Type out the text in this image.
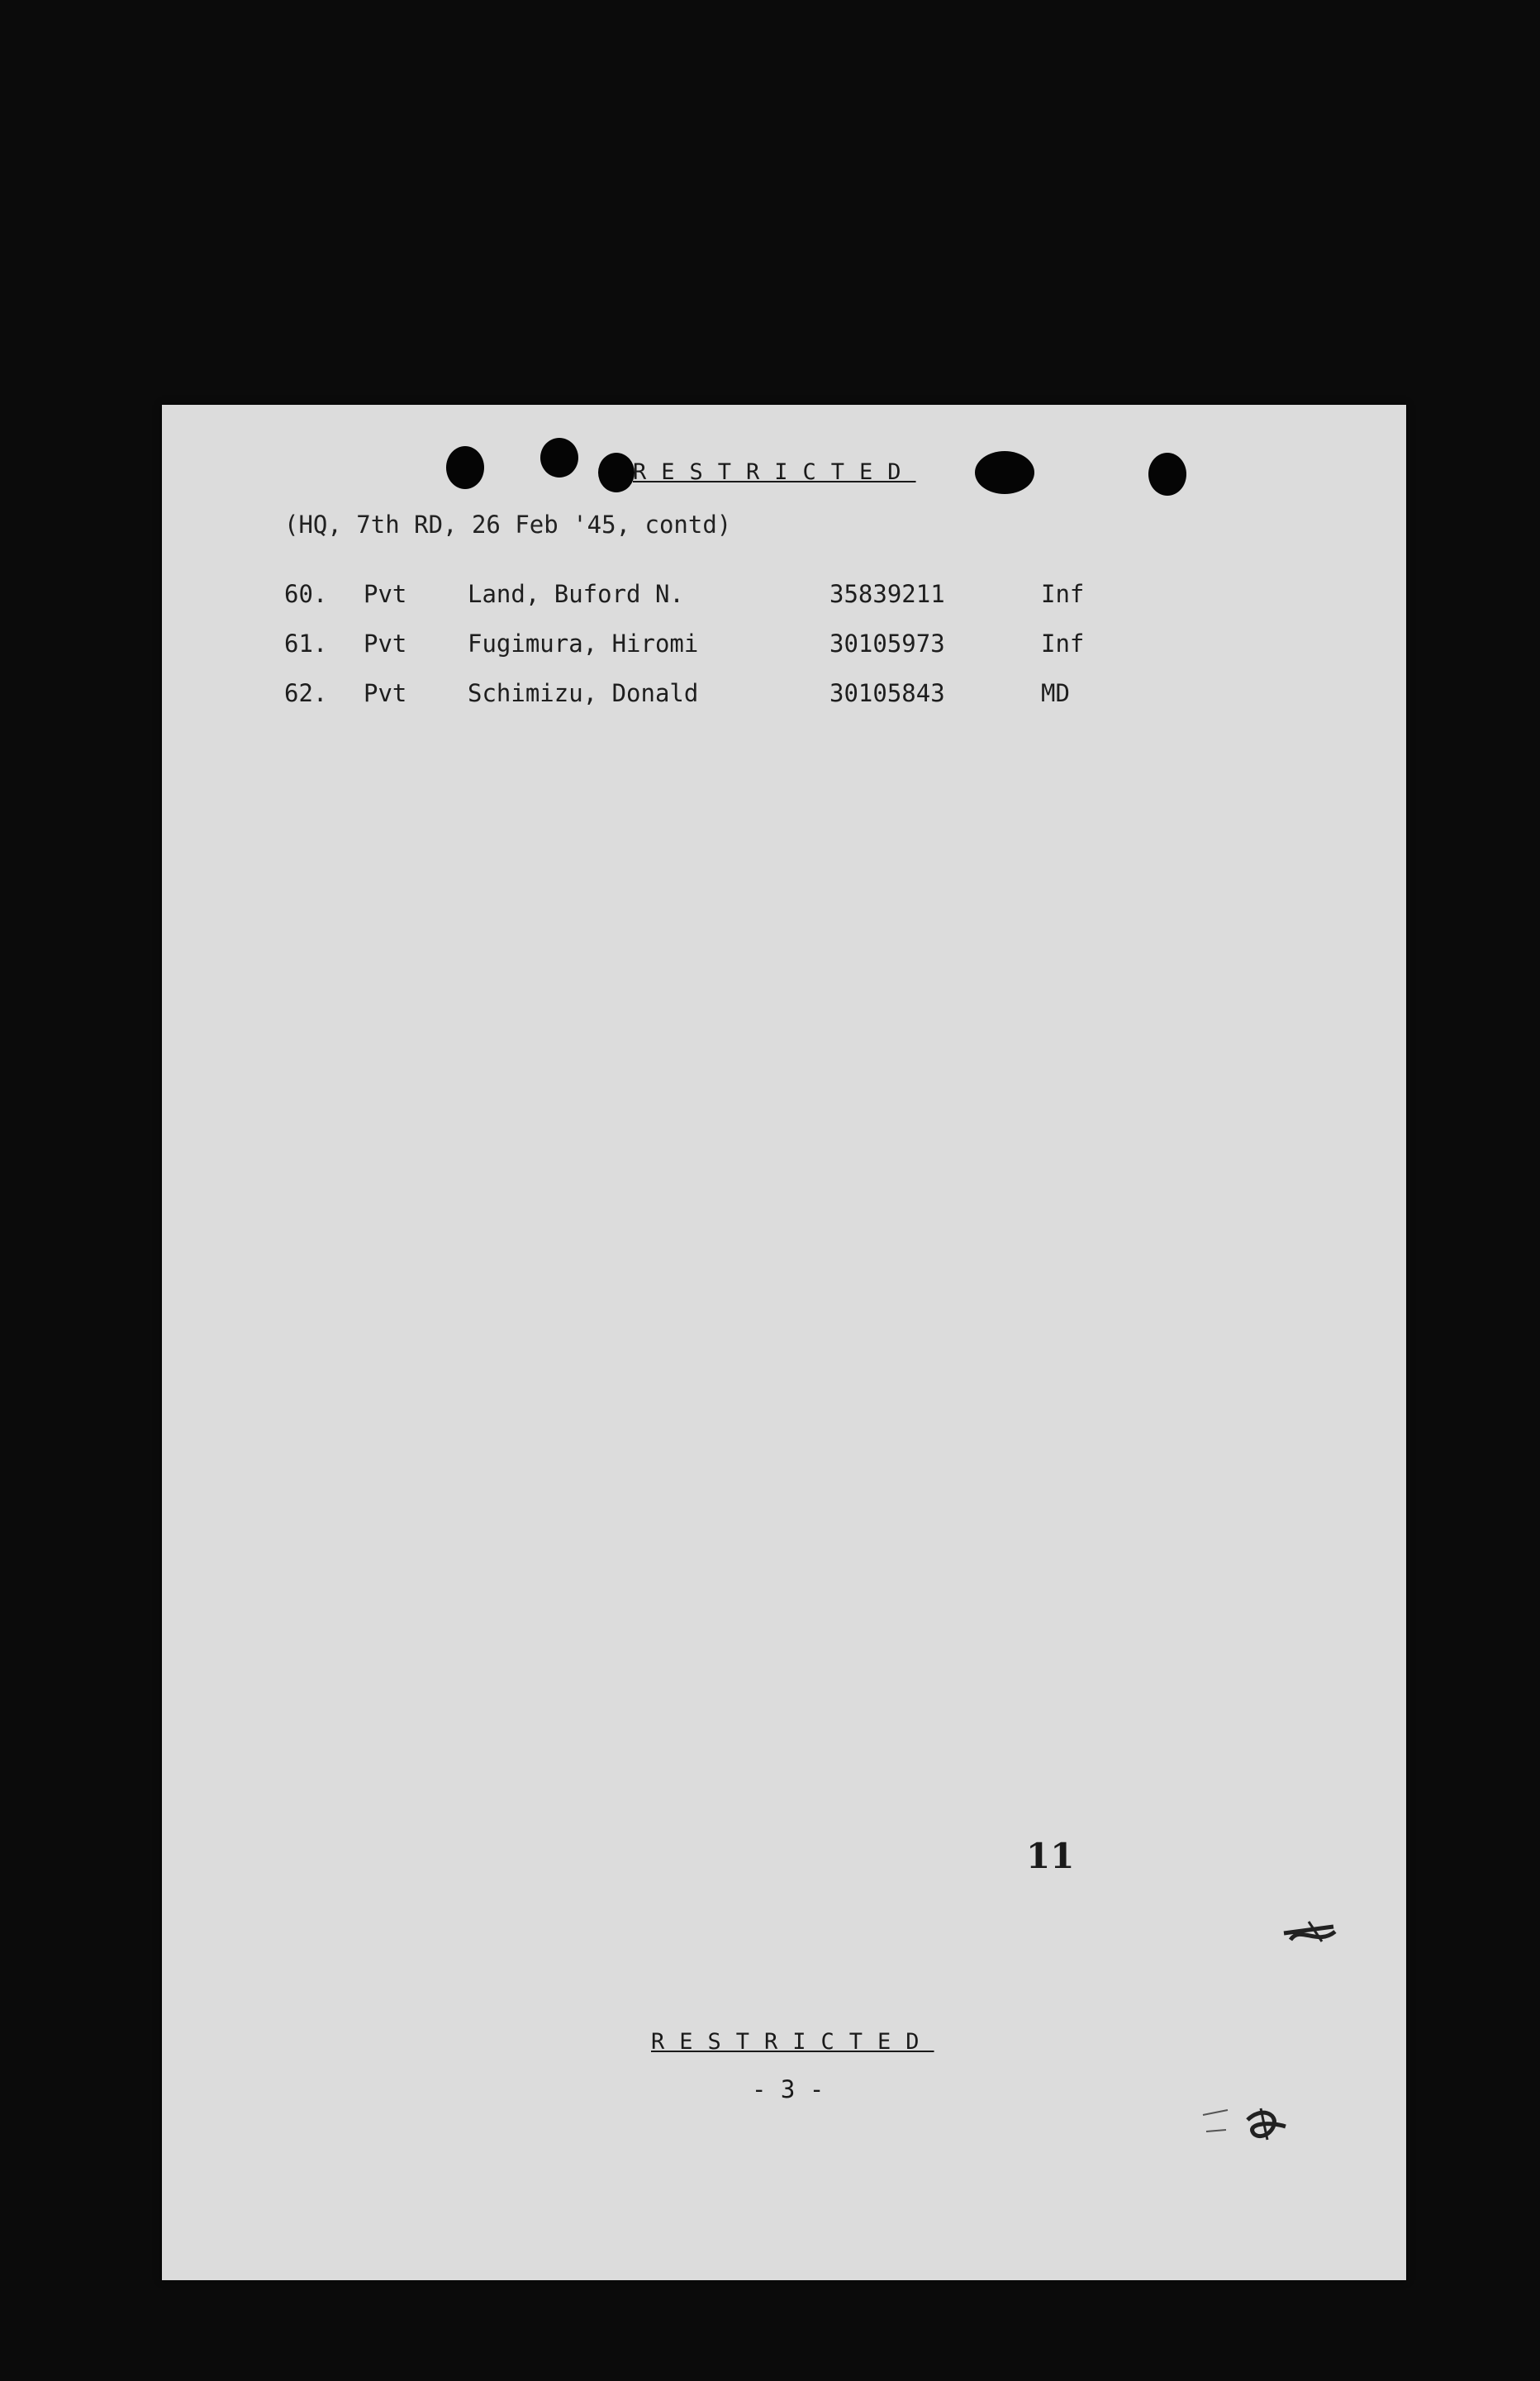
RESTRICTED
(HQ, 7th RD, 26 Feb '45, contd)
60. Pvt	Land, Buford N.	35839211	Inf
61. Pvt	Fugimura, Hiromi	30105973	Inf
62. Pvt	Schimizu, Donald	30105843	MD
11
RESTRICTED
- 3 -
